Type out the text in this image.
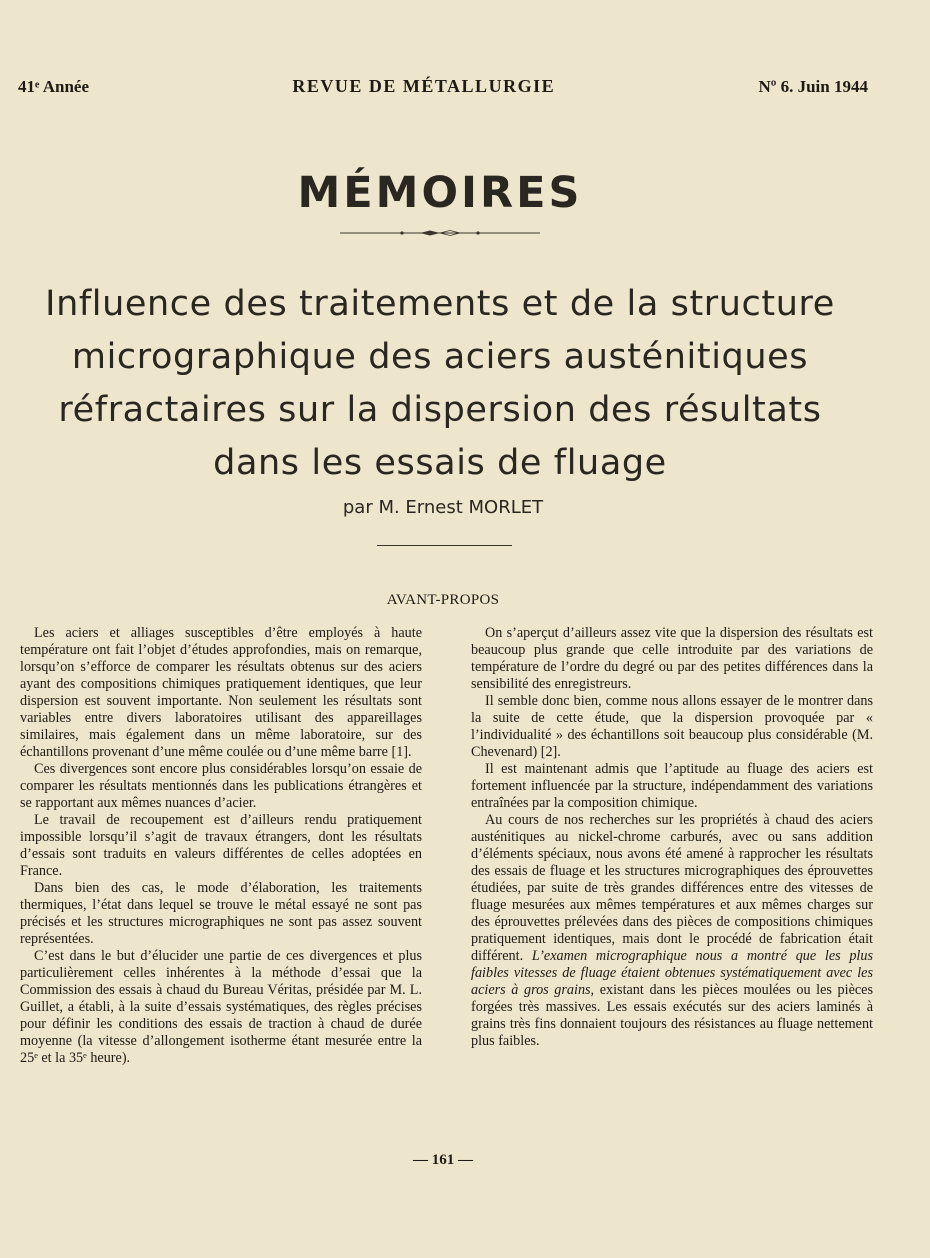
41ᵉ Année	REVUE DE MÉTALLURGIE	Nº 6. Juin 1944
MÉMOIRES
Influence des traitements et de la structure
micrographique des aciers austénitiques
réfractaires sur la dispersion des résultats
dans les essais de fluage
par M. Ernest MORLET
AVANT-PROPOS

Les aciers et alliages susceptibles d’être employés à haute température ont fait l’objet d’études approfondies, mais on remarque, lorsqu’on s’efforce de comparer les résultats obtenus sur des aciers ayant des compositions chimiques pratiquement identiques, que leur dispersion est souvent importante. Non seulement les résultats sont variables entre divers laboratoires utilisant des appareillages similaires, mais également dans un même laboratoire, sur des échantillons provenant d’une même coulée ou d’une même barre [1].

Ces divergences sont encore plus considérables lorsqu’on essaie de comparer les résultats mentionnés dans les publications étrangères et se rapportant aux mêmes nuances d’acier.

Le travail de recoupement est d’ailleurs rendu pratiquement impossible lorsqu’il s’agit de travaux étrangers, dont les résultats d’essais sont traduits en valeurs différentes de celles adoptées en France.

Dans bien des cas, le mode d’élaboration, les traitements thermiques, l’état dans lequel se trouve le métal essayé ne sont pas précisés et les structures micrographiques ne sont pas assez souvent représentées.

C’est dans le but d’élucider une partie de ces divergences et plus particulièrement celles inhérentes à la méthode d’essai que la Commission des essais à chaud du Bureau Véritas, présidée par M. L. Guillet, a établi, à la suite d’essais systématiques, des règles précises pour définir les conditions des essais de traction à chaud de durée moyenne (la vitesse d’allongement isotherme étant mesurée entre la 25ᵉ et la 35ᵉ heure).

On s’aperçut d’ailleurs assez vite que la dispersion des résultats est beaucoup plus grande que celle introduite par des variations de température de l’ordre du degré ou par des petites différences dans la sensibilité des enregistreurs.

Il semble donc bien, comme nous allons essayer de le montrer dans la suite de cette étude, que la dispersion provoquée par « l’individualité » des échantillons soit beaucoup plus considérable (M. Chevenard) [2].

Il est maintenant admis que l’aptitude au fluage des aciers est fortement influencée par la structure, indépendamment des variations entraînées par la composition chimique.

Au cours de nos recherches sur les propriétés à chaud des aciers austénitiques au nickel-chrome carburés, avec ou sans addition d’éléments spéciaux, nous avons été amené à rapprocher les résultats des essais de fluage et les structures micrographiques des éprouvettes étudiées, par suite de très grandes différences entre des vitesses de fluage mesurées aux mêmes températures et aux mêmes charges sur des éprouvettes prélevées dans des pièces de compositions chimiques pratiquement identiques, mais dont le procédé de fabrication était différent. L’examen micrographique nous a montré que les plus faibles vitesses de fluage étaient obtenues systématiquement avec les aciers à gros grains, existant dans les pièces moulées ou les pièces forgées très massives. Les essais exécutés sur des aciers laminés à grains très fins donnaient toujours des résistances au fluage nettement plus faibles.

— 161 —
